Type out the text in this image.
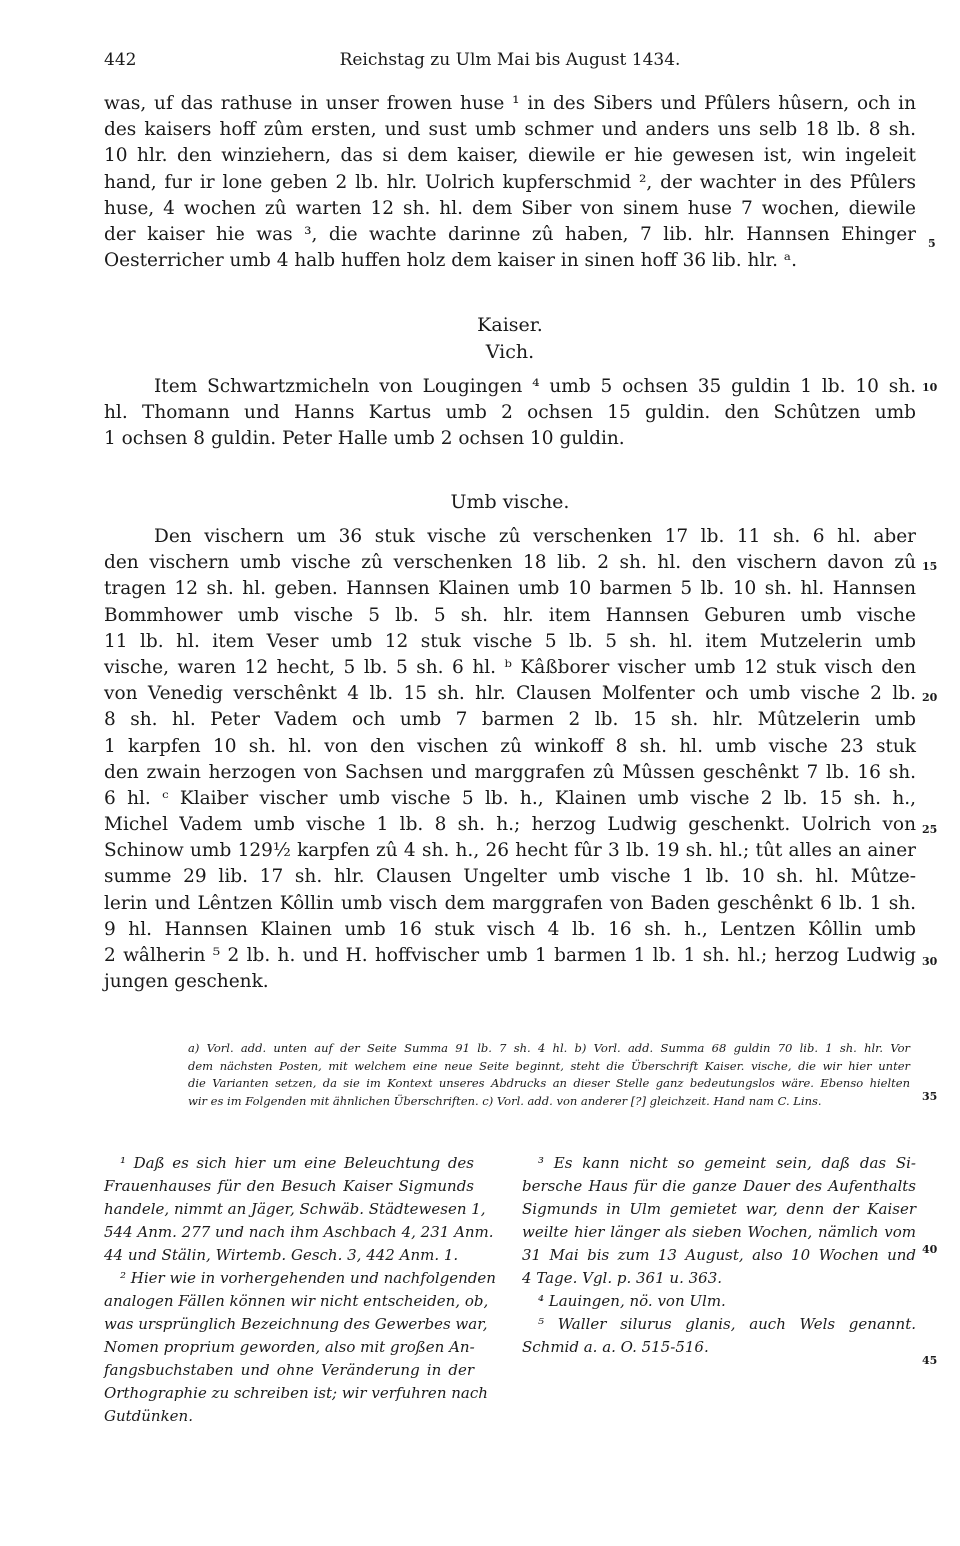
442	Reichstag zu Ulm Mai bis August 1434.
was, uf das rathuse in unser frowen huse ¹ in des Sibers und Pfûlers hûsern, och in
des kaisers hoff zûm ersten, und sust umb schmer und anders uns selb 18 lb. 8 sh.
10 hlr. den winziehern, das si dem kaiser, diewile er hie gewesen ist, win ingeleit
hand, fur ir lone geben 2 lb. hlr. Uolrich kupferschmid ², der wachter in des Pfûlers
huse, 4 wochen zû warten 12 sh. hl. dem Siber von sinem huse 7 wochen, diewile
der kaiser hie was ³, die wachte darinne zû haben, 7 lib. hlr. Hannsen Ehinger
Oesterricher umb 4 halb huffen holz dem kaiser in sinen hoff 36 lib. hlr. ᵃ.
Kaiser.
Vich.
Item Schwartzmicheln von Lougingen ⁴ umb 5 ochsen 35 guldin 1 lb. 10 sh.
hl. Thomann und Hanns Kartus umb 2 ochsen 15 guldin. den Schûtzen umb
1 ochsen 8 guldin. Peter Halle umb 2 ochsen 10 guldin.
Umb vische.
Den vischern um 36 stuk vische zû verschenken 17 lb. 11 sh. 6 hl. aber
den vischern umb vische zû verschenken 18 lib. 2 sh. hl. den vischern davon zû
tragen 12 sh. hl. geben. Hannsen Klainen umb 10 barmen 5 lb. 10 sh. hl. Hannsen
Bommhower umb vische 5 lb. 5 sh. hlr. item Hannsen Geburen umb vische
11 lb. hl. item Veser umb 12 stuk vische 5 lb. 5 sh. hl. item Mutzelerin umb
vische, waren 12 hecht, 5 lb. 5 sh. 6 hl. ᵇ Kâßborer vischer umb 12 stuk visch den
von Venedig verschênkt 4 lb. 15 sh. hlr. Clausen Molfenter och umb vische 2 lb.
8 sh. hl. Peter Vadem och umb 7 barmen 2 lb. 15 sh. hlr. Mûtzelerin umb
1 karpfen 10 sh. hl. von den vischen zû winkoff 8 sh. hl. umb vische 23 stuk
den zwain herzogen von Sachsen und marggrafen zû Mûssen geschênkt 7 lb. 16 sh.
6 hl. ᶜ Klaiber vischer umb vische 5 lb. h., Klainen umb vische 2 lb. 15 sh. h.,
Michel Vadem umb vische 1 lb. 8 sh. h.; herzog Ludwig geschenkt. Uolrich von
Schinow umb 129½ karpfen zû 4 sh. h., 26 hecht fûr 3 lb. 19 sh. hl.; tût alles an ainer
summe 29 lib. 17 sh. hlr. Clausen Ungelter umb vische 1 lb. 10 sh. hl. Mûtze-
lerin und Lêntzen Kôllin umb visch dem marggrafen von Baden geschênkt 6 lb. 1 sh.
9 hl. Hannsen Klainen umb 16 stuk visch 4 lb. 16 sh. h., Lentzen Kôllin umb
2 wâlherin ⁵ 2 lb. h. und H. hoffvischer umb 1 barmen 1 lb. 1 sh. hl.; herzog Ludwig
jungen geschenk.
5
10
15
20
25
30
35
40
45
a) Vorl. add. unten auf der Seite Summa 91 lb. 7 sh. 4 hl. b) Vorl. add. Summa 68 guldin 70 lib. 1 sh. hlr. Vor
dem nächsten Posten, mit welchem eine neue Seite beginnt, steht die Überschrift Kaiser. vische, die wir hier unter
die Varianten setzen, da sie im Kontext unseres Abdrucks an dieser Stelle ganz bedeutungslos wäre. Ebenso hielten
wir es im Folgenden mit ähnlichen Überschriften. c) Vorl. add. von anderer [?] gleichzeit. Hand nam C. Lins.
¹ Daß es sich hier um eine Beleuchtung des
Frauenhauses für den Besuch Kaiser Sigmunds
handele, nimmt an Jäger, Schwäb. Städtewesen 1,
544 Anm. 277 und nach ihm Aschbach 4, 231 Anm.
44 und Stälin, Wirtemb. Gesch. 3, 442 Anm. 1.
² Hier wie in vorhergehenden und nachfolgenden
analogen Fällen können wir nicht entscheiden, ob,
was ursprünglich Bezeichnung des Gewerbes war,
Nomen proprium geworden, also mit großen An-
fangsbuchstaben und ohne Veränderung in der
Orthographie zu schreiben ist; wir verfuhren nach
Gutdünken.
³ Es kann nicht so gemeint sein, daß das Si-
bersche Haus für die ganze Dauer des Aufenthalts
Sigmunds in Ulm gemietet war, denn der Kaiser
weilte hier länger als sieben Wochen, nämlich vom
31 Mai bis zum 13 August, also 10 Wochen und
4 Tage. Vgl. p. 361 u. 363.
⁴ Lauingen, nö. von Ulm.
⁵ Waller silurus glanis, auch Wels genannt.
Schmid a. a. O. 515-516.
